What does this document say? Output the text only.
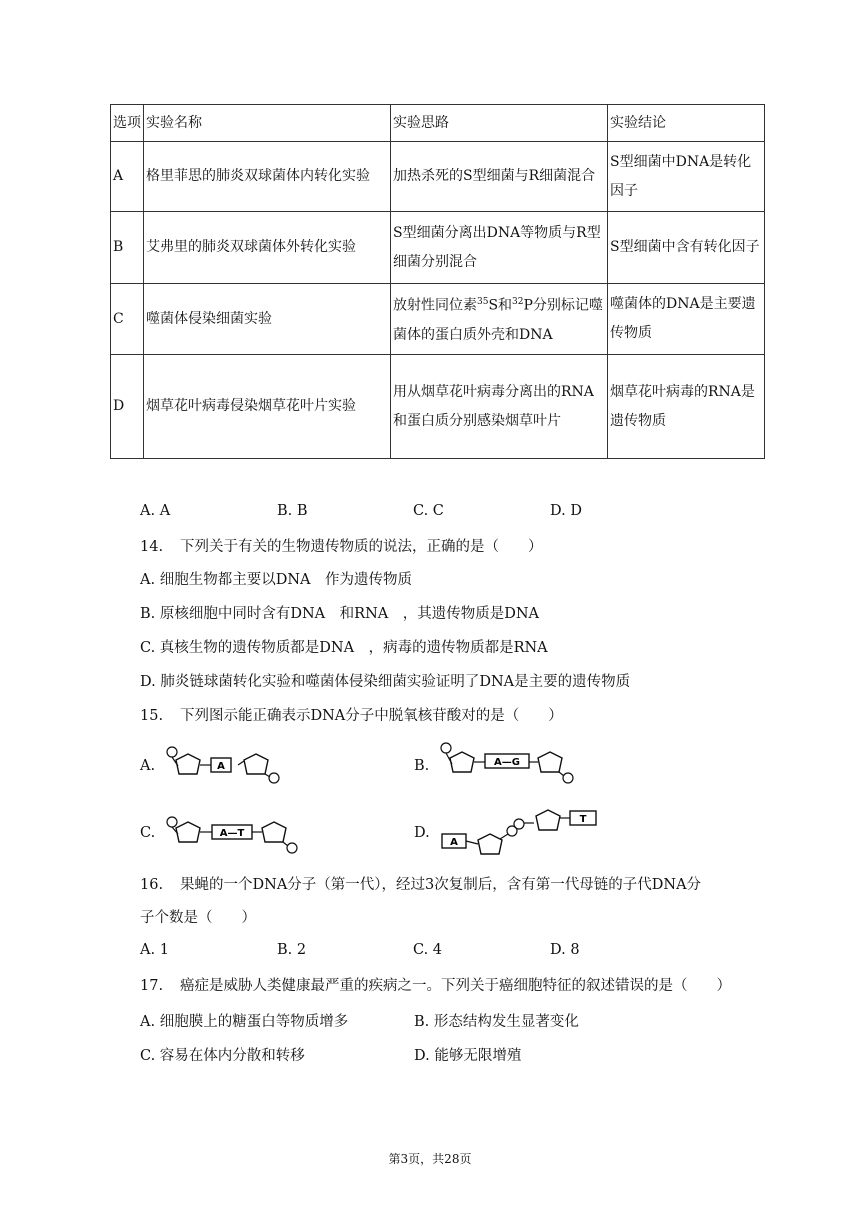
选项	实验名称	实验思路	实验结论
A	格里菲思的肺炎双球菌体内转化实验	加热杀死的S型细菌与R细菌混合	S型细菌中DNA是转化因子
B	艾弗里的肺炎双球菌体外转化实验	S型细菌分离出DNA等物质与R型细菌分别混合	S型细菌中含有转化因子
C	噬菌体侵染细菌实验	放射性同位素$^{35}$S和$^{32}$P分别标记噬菌体的蛋白质外壳和DNA	噬菌体的DNA是主要遗传物质
D	烟草花叶病毒侵染烟草花叶片实验	用从烟草花叶病毒分离出的RNA和蛋白质分别感染烟草叶片	烟草花叶病毒的RNA是遗传物质
A. A	B. B	C. C	D. D
14. 下列关于有关的生物遗传物质的说法，正确的是（　　）
A. 细胞生物都主要以DNA　作为遗传物质
B. 原核细胞中同时含有DNA　和RNA　，其遗传物质是DNA
C. 真核生物的遗传物质都是DNA　，病毒的遗传物质都是RNA
D. 肺炎链球菌转化实验和噬菌体侵染细菌实验证明了DNA是主要的遗传物质
15. 下列图示能正确表示DNA分子中脱氧核苷酸对的是（　　）
A.	A	B.	A—G
C.	A—T	D.
A
T
16. 果蝇的一个DNA分子（第一代），经过3次复制后，含有第一代母链的子代DNA分
子个数是（　　）
A. 1	B. 2	C. 4	D. 8
17. 癌症是威胁人类健康最严重的疾病之一。下列关于癌细胞特征的叙述错误的是（　　）
A. 细胞膜上的糖蛋白等物质增多	B. 形态结构发生显著变化
C. 容易在体内分散和转移	D. 能够无限增殖
第3页，共28页
